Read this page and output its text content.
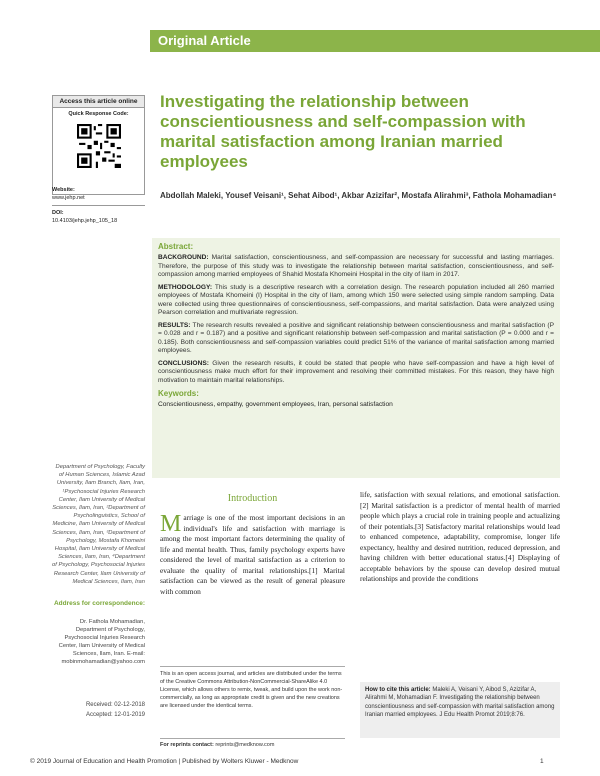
Original Article
Access this article online
Quick Response Code:
Website:
www.jehp.net
DOI:
10.4103/jehp.jehp_105_18
Investigating the relationship between conscientiousness and self-compassion with marital satisfaction among Iranian married employees
Abdollah Maleki, Yousef Veisani¹, Sehat Aibod¹, Akbar Azizifar², Mostafa Alirahmi³, Fathola Mohamadian⁴
Abstract:

BACKGROUND: Marital satisfaction, conscientiousness, and self-compassion are necessary for successful and lasting marriages. Therefore, the purpose of this study was to investigate the relationship between marital satisfaction, conscientiousness, and self-compassion among married employees of Shahid Mostafa Khomeini Hospital in the city of Ilam in 2017.

METHODOLOGY: This study is a descriptive research with a correlation design. The research population included all 260 married employees of Mostafa Khomeini (I) Hospital in the city of Ilam, among which 150 were selected using simple random sampling. Data were collected using three questionnaires of conscientiousness, self-compassions, and marital satisfaction. Data were analyzed using Pearson correlation and multivariate regression.

RESULTS: The research results revealed a positive and significant relationship between conscientiousness and marital satisfaction (P = 0.028 and r = 0.187) and a positive and significant relationship between self-compassion and marital satisfaction (P = 0.000 and r = 0.185). Both conscientiousness and self-compassion variables could predict 51% of the variance of marital satisfaction among married employees.

CONCLUSIONS: Given the research results, it could be stated that people who have self-compassion and have a high level of conscientiousness make much effort for their improvement and resolving their committed mistakes. For this reason, they have high motivation to maintain marital relationships.

Keywords:
Conscientiousness, empathy, government employees, Iran, personal satisfaction
Department of Psychology, Faculty of Human Sciences, Islamic Azad University, Ilam Branch, Ilam, Iran, ¹Psychosocial Injuries Research Center, Ilam University of Medical Sciences, Ilam, Iran, ²Department of Psycholinguistics, School of Medicine, Ilam University of Medical Sciences, Ilam, Iran, ³Department of Psychology, Mostafa Khomeini Hospital, Ilam University of Medical Sciences, Ilam, Iran, ⁴Department of Psychology, Psychosocial Injuries Research Center, Ilam University of Medical Sciences, Ilam, Iran
Address for correspondence:
Dr. Fathola Mohamadian, Department of Psychology, Psychosocial Injuries Research Center, Ilam University of Medical Sciences, Ilam, Iran. E-mail: mobinmohamadian@yahoo.com
Received: 02-12-2018
Accepted: 12-01-2019
Introduction
Marriage is one of the most important decisions in an individual's life and satisfaction with marriage is among the most important factors determining the quality of life and mental health. Thus, family psychology experts have considered the level of marital satisfaction as a criterion to evaluate the quality of marital relationships.[1] Marital satisfaction can be viewed as the result of general pleasure with common
life, satisfaction with sexual relations, and emotional satisfaction.[2] Marital satisfaction is a predictor of mental health of married people which plays a crucial role in training people and actualizing of their potentials.[3] Satisfactory marital relationships would lead to enhanced competence, adaptability, compromise, longer life expectancy, healthy and desired nutrition, reduced depression, and having children with better educational status.[4] Displaying of acceptable behaviors by the spouse can develop desired mutual relationships and provide the conditions
This is an open access journal, and articles are distributed under the terms of the Creative Commons Attribution-NonCommercial-ShareAlike 4.0 License, which allows others to remix, tweak, and build upon the work non-commercially, as long as appropriate credit is given and the new creations are licensed under the identical terms.
For reprints contact: reprints@medknow.com
How to cite this article: Maleki A, Veisani Y, Aibod S, Azizifar A, Alirahmi M, Mohamadian F. Investigating the relationship between conscientiousness and self-compassion with marital satisfaction among Iranian married employees. J Edu Health Promot 2019;8:76.
© 2019 Journal of Education and Health Promotion | Published by Wolters Kluwer - Medknow	1
